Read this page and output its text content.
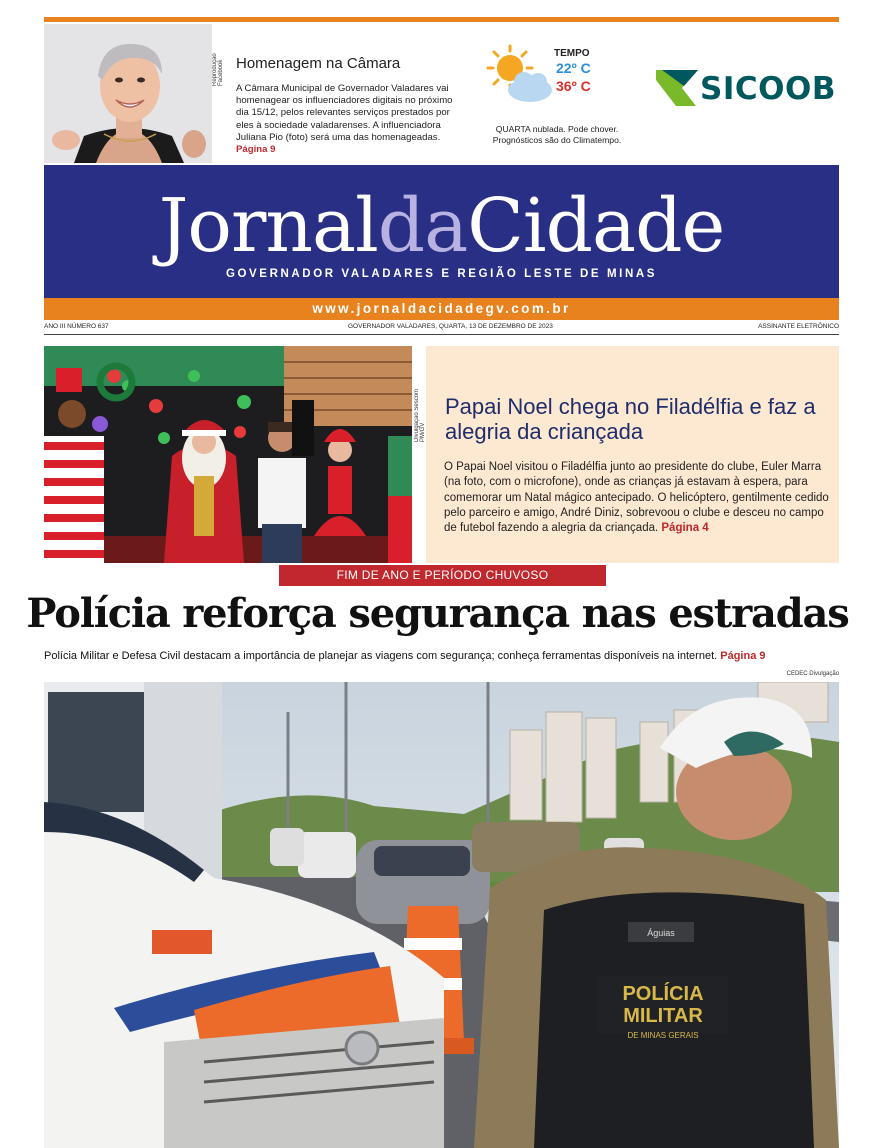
Reprodução Facebook Homenagem na Câmara
A Câmara Municipal de Governador Valadares vai homenagear os influenciadores digitais no próximo dia 15/12, pelos relevantes serviços prestados por eles à sociedade valadarenses. A influenciadora Juliana Pio (foto) será uma das homenageadas. Página 9
TEMPO
22º C
36º C
QUARTA nublada. Pode chover. Prognósticos são do Climatempo.
SICOOB
JornaldaCidade
GOVERNADOR VALADARES E REGIÃO LESTE DE MINAS
www.jornaldacidadegv.com.br
ANO III NÚMERO 637	GOVERNADOR VALADARES, QUARTA, 13 DE DEZEMBRO DE 2023	ASSINANTE ELETRÔNICO
Divulgação Sescom PM/GV
Papai Noel chega no Filadélfia e faz a alegria da criançada
O Papai Noel visitou o Filadélfia junto ao presidente do clube, Euler Marra (na foto, com o microfone), onde as crianças já estavam à espera, para comemorar um Natal mágico antecipado. O helicóptero, gentilmente cedido pelo parceiro e amigo, André Diniz, sobrevoou o clube e desceu no campo de futebol fazendo a alegria da criançada. Página 4
FIM DE ANO E PERÍODO CHUVOSO
Polícia reforça segurança nas estradas
Polícia Militar e Defesa Civil destacam a importância de planejar as viagens com segurança; conheça ferramentas disponíveis na internet. Página 9
CEDEC Divulgação
POLÍCIA
MILITAR
DE MINAS GERAIS
Águias
